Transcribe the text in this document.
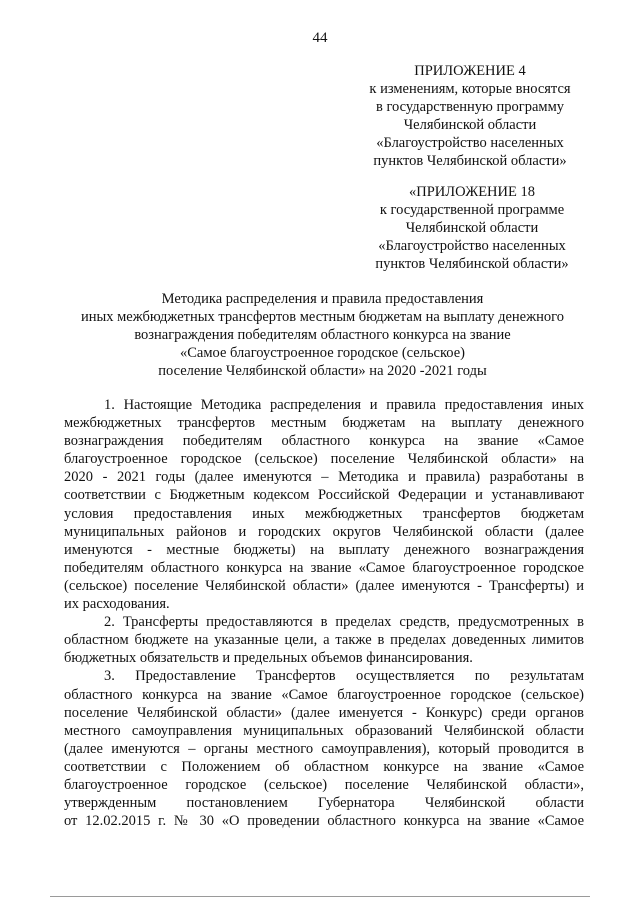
44
ПРИЛОЖЕНИЕ 4
к изменениям, которые вносятся
в государственную программу
Челябинской области
«Благоустройство населенных
пунктов Челябинской области»
«ПРИЛОЖЕНИЕ 18
к государственной программе
Челябинской области
«Благоустройство населенных
пунктов Челябинской области»
Методика распределения и правила предоставления
иных межбюджетных трансфертов местным бюджетам на выплату денежного
вознаграждения победителям областного конкурса на звание
«Самое благоустроенное городское (сельское)
поселение Челябинской области» на 2020 -2021 годы
1. Настоящие Методика распределения и правила предоставления иных
межбюджетных трансфертов местным бюджетам на выплату денежного
вознаграждения победителям областного конкурса на звание «Самое
благоустроенное городское (сельское) поселение Челябинской области» на
2020 - 2021 годы (далее именуются – Методика и правила) разработаны в
соответствии с Бюджетным кодексом Российской Федерации и устанавливают
условия предоставления иных межбюджетных трансфертов бюджетам
муниципальных районов и городских округов Челябинской области (далее
именуются - местные бюджеты) на выплату денежного вознаграждения
победителям областного конкурса на звание «Самое благоустроенное городское
(сельское) поселение Челябинской области» (далее именуются - Трансферты) и
их расходования.
2. Трансферты предоставляются в пределах средств, предусмотренных в
областном бюджете на указанные цели, а также в пределах доведенных лимитов
бюджетных обязательств и предельных объемов финансирования.
3. Предоставление Трансфертов осуществляется по результатам
областного конкурса на звание «Самое благоустроенное городское (сельское)
поселение Челябинской области» (далее именуется - Конкурс) среди органов
местного самоуправления муниципальных образований Челябинской области
(далее именуются – органы местного самоуправления), который проводится в
соответствии с Положением об областном конкурсе на звание «Самое
благоустроенное городское (сельское) поселение Челябинской области»,
утвержденным постановлением Губернатора Челябинской области
от 12.02.2015 г. № 30 «О проведении областного конкурса на звание «Самое
